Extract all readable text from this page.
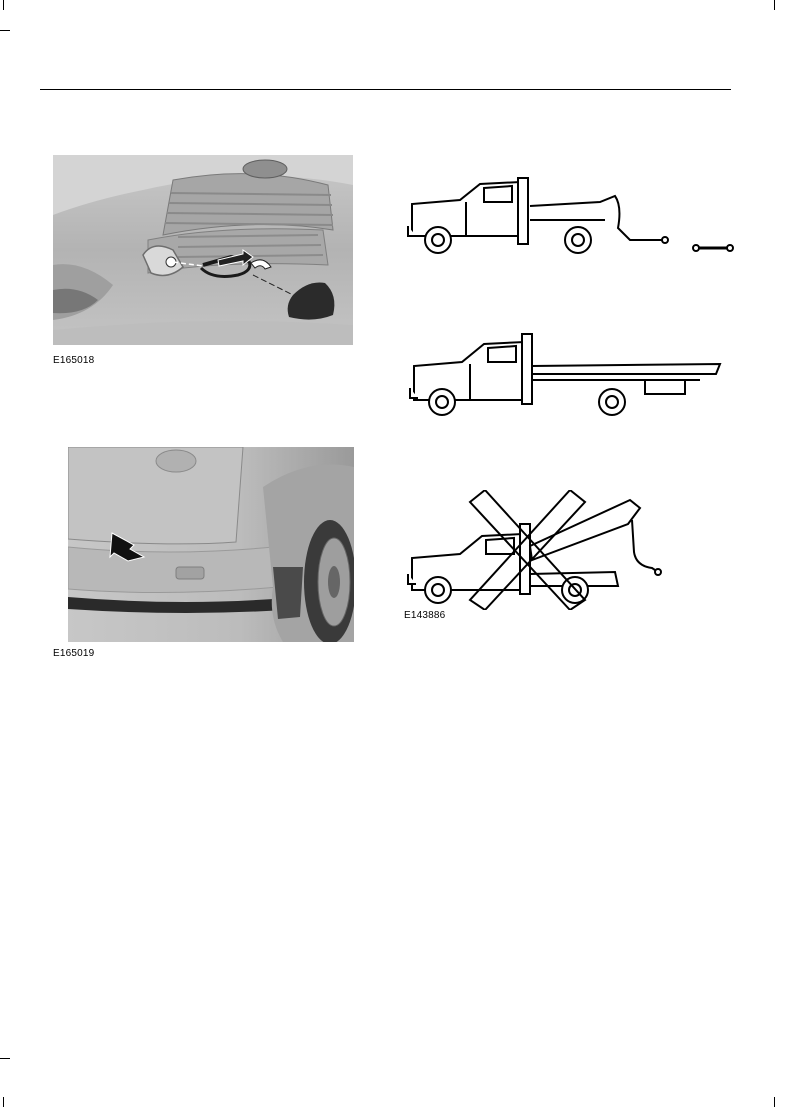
E165018
E165019
E143886
